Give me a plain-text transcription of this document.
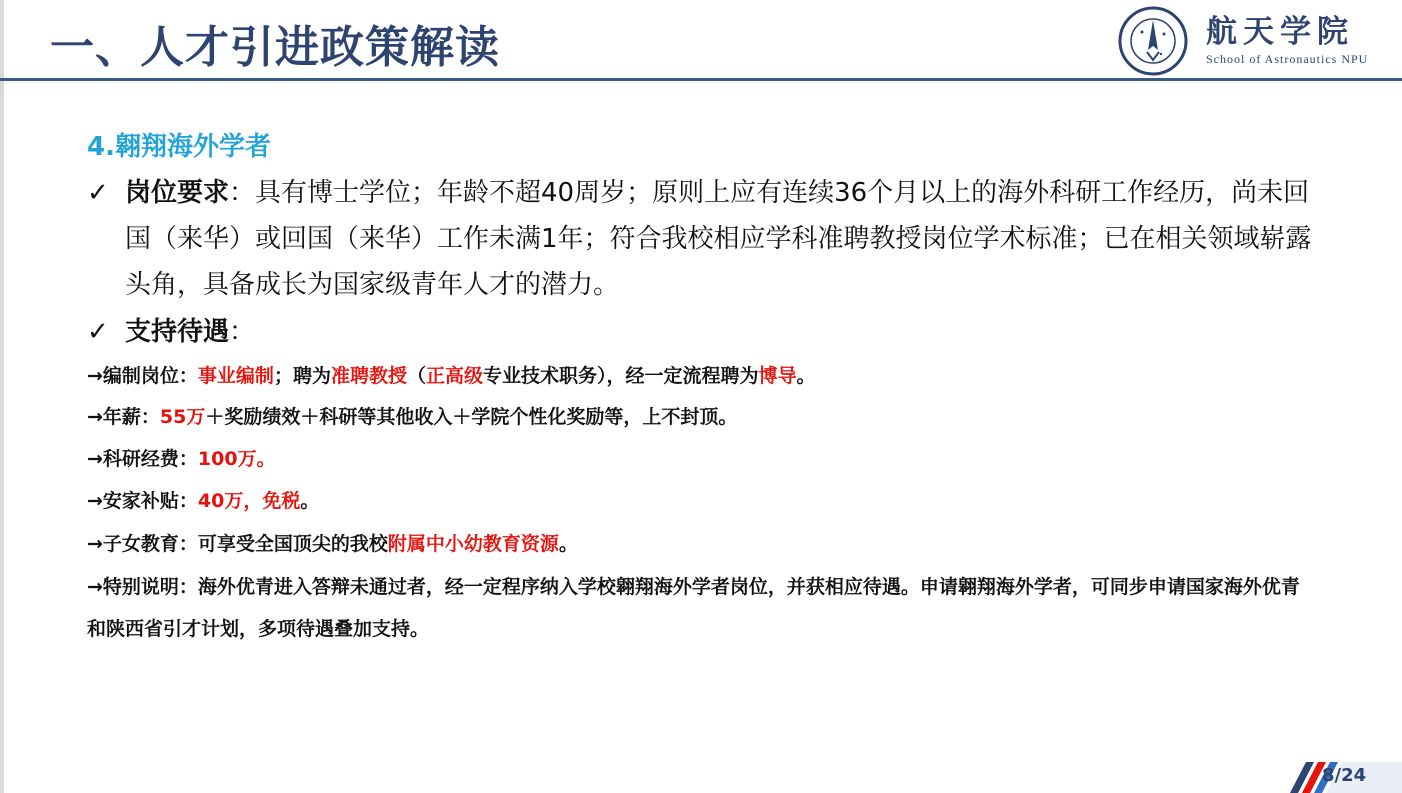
一、人才引进政策解读	航天学院
School of Astronautics NPU
4.翱翔海外学者
✓ 岗位要求：具有博士学位；年龄不超40周岁；原则上应有连续36个月以上的海外科研工作经历，尚未回国（来华）或回国（来华）工作未满1年；符合我校相应学科准聘教授岗位学术标准；已在相关领域崭露头角，具备成长为国家级青年人才的潜力。
✓ 支持待遇：
→编制岗位：事业编制；聘为准聘教授（正高级专业技术职务），经一定流程聘为博导。
→年薪：55万＋奖励绩效＋科研等其他收入＋学院个性化奖励等，上不封顶。
→科研经费：100万。
→安家补贴：40万，免税。
→子女教育：可享受全国顶尖的我校附属中小幼教育资源。
→特别说明：海外优青进入答辩未通过者，经一定程序纳入学校翱翔海外学者岗位，并获相应待遇。申请翱翔海外学者，可同步申请国家海外优青和陕西省引才计划，多项待遇叠加支持。
8/24
